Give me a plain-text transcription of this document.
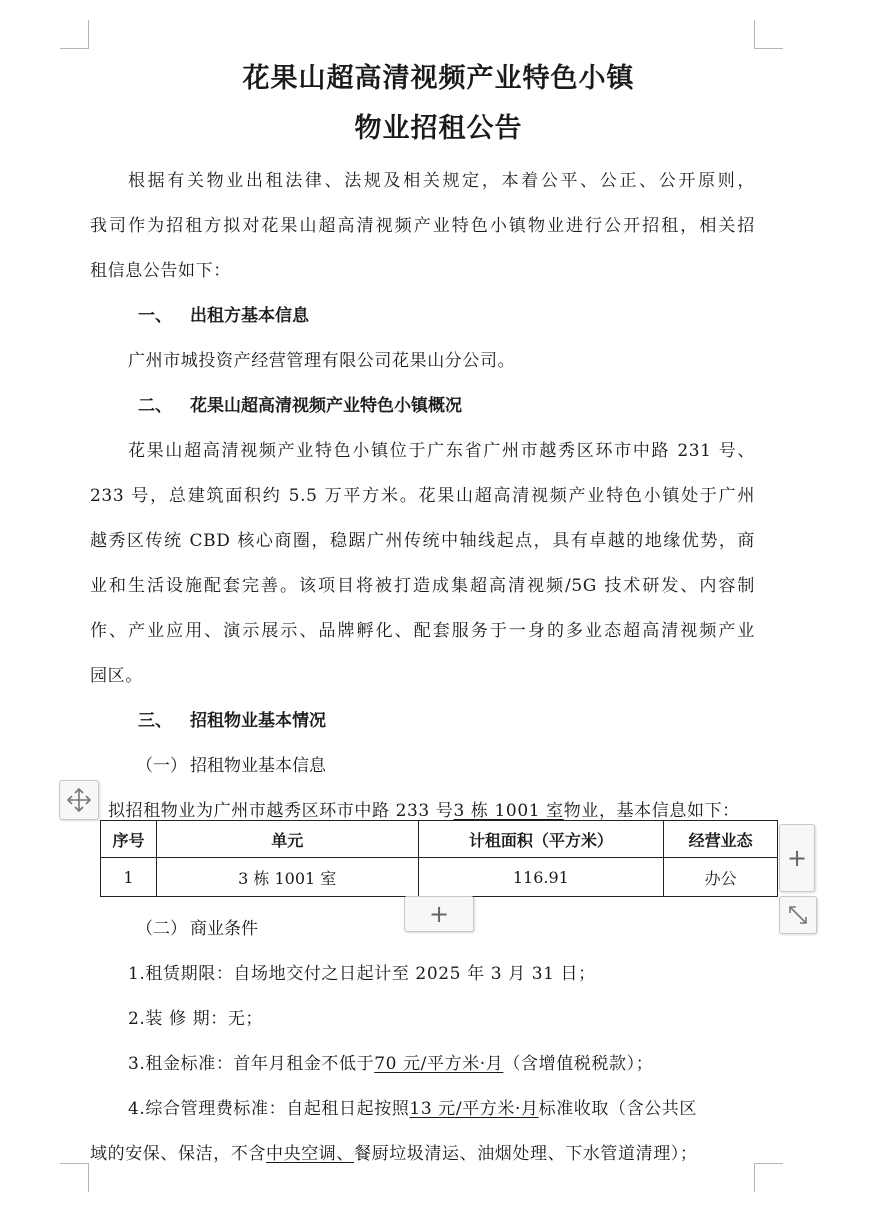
花果山超高清视频产业特色小镇
物业招租公告
根据有关物业出租法律、法规及相关规定，本着公平、公正、公开原则，
我司作为招租方拟对花果山超高清视频产业特色小镇物业进行公开招租，相关招
租信息公告如下：
一、 出租方基本信息
广州市城投资产经营管理有限公司花果山分公司。
二、 花果山超高清视频产业特色小镇概况
花果山超高清视频产业特色小镇位于广东省广州市越秀区环市中路 231 号、
233 号，总建筑面积约 5.5 万平方米。花果山超高清视频产业特色小镇处于广州
越秀区传统 CBD 核心商圈，稳踞广州传统中轴线起点，具有卓越的地缘优势，商
业和生活设施配套完善。该项目将被打造成集超高清视频/5G 技术研发、内容制
作、产业应用、演示展示、品牌孵化、配套服务于一身的多业态超高清视频产业
园区。
三、 招租物业基本情况
（一） 招租物业基本信息
拟招租物业为广州市越秀区环市中路 233 号3 栋 1001 室物业，基本信息如下：
序号	单元	计租面积（平方米）	经营业态
1	3 栋 1001 室	116.91	办公
+
+
（二） 商业条件
1.租赁期限：自场地交付之日起计至 2025 年 3 月 31 日；
2.装 修 期：无；
3.租金标准：首年月租金不低于70 元/平方米·月（含增值税税款）；
4.综合管理费标准：自起租日起按照13 元/平方米·月标准收取（含公共区
域的安保、保洁，不含中央空调、餐厨垃圾清运、油烟处理、下水管道清理）；
